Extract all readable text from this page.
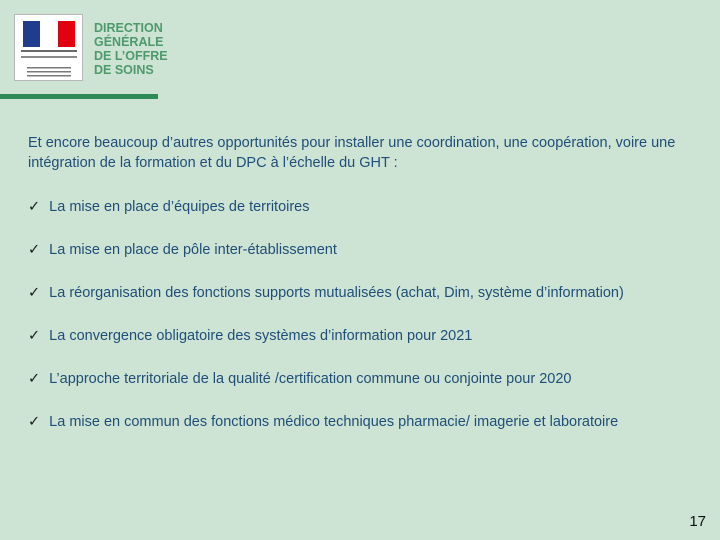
DIRECTION
GÉNÉRALE
DE L’OFFRE
DE SOINS

Et encore beaucoup d’autres opportunités pour installer une coordination, une coopération, voire une intégration de la formation et du DPC à l’échelle du GHT :

✓ La mise en place d’équipes de territoires
✓ La mise en place de pôle inter-établissement
✓ La réorganisation des fonctions supports mutualisées (achat, Dim, système d’information)
✓ La convergence obligatoire des systèmes d’information pour 2021
✓ L’approche territoriale de la qualité /certification commune ou conjointe pour 2020
✓ La mise en commun des fonctions médico techniques pharmacie/ imagerie et laboratoire
17
